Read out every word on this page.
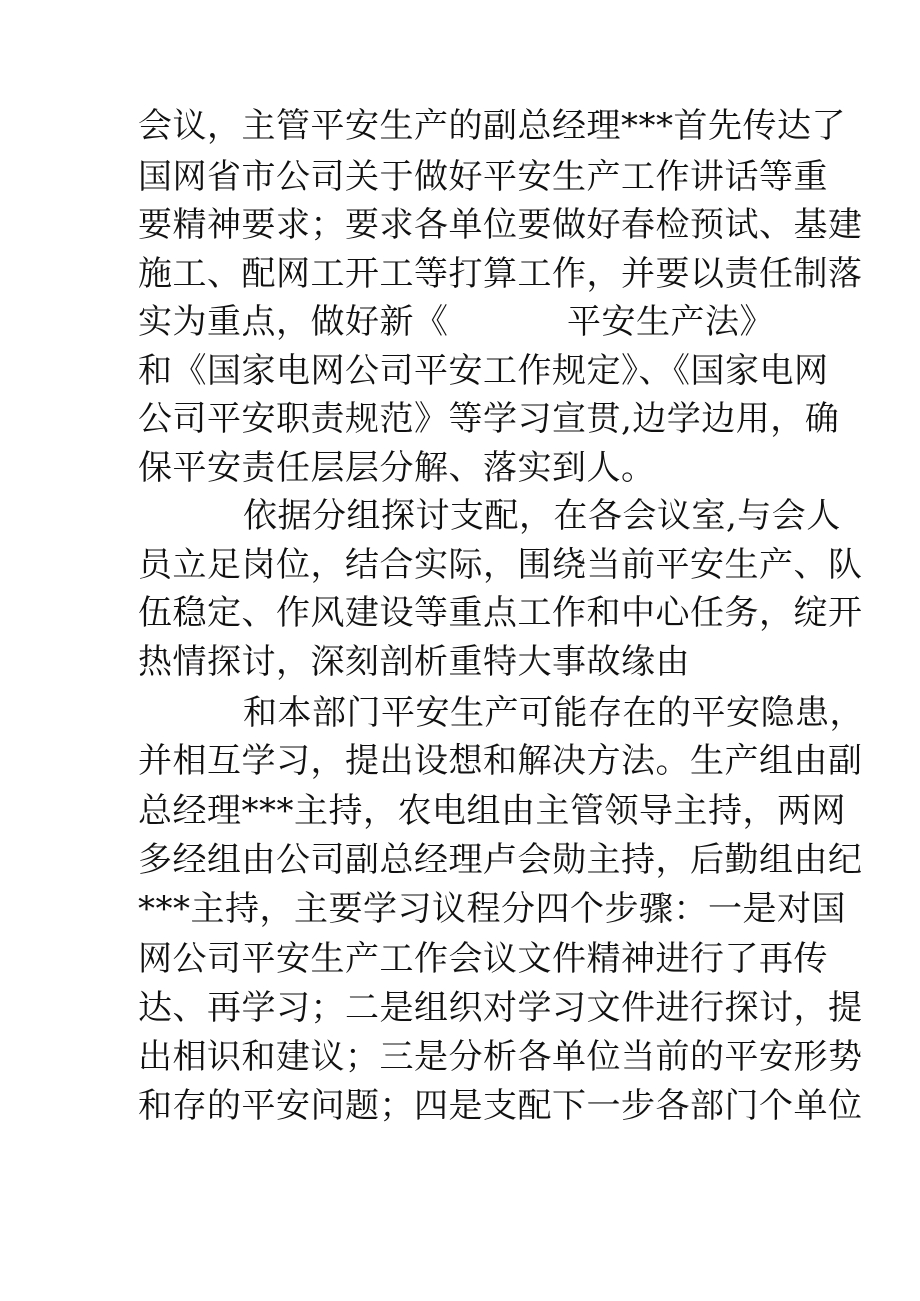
会议，主管平安生产的副总经理***首先传达了
国网省市公司关于做好平安生产工作讲话等重
要精神要求；要求各单位要做好春检预试、基建
施工、配网工开工等打算工作，并要以责任制落
实为重点，做好新《	平安生产法》
和《国家电网公司平安工作规定》、《国家电网
公司平安职责规范》等学习宣贯,边学边用，确
保平安责任层层分解、落实到人。
依据分组探讨支配，在各会议室,与会人
员立足岗位，结合实际，围绕当前平安生产、队
伍稳定、作风建设等重点工作和中心任务，绽开
热情探讨，深刻剖析重特大事故缘由
和本部门平安生产可能存在的平安隐患，
并相互学习，提出设想和解决方法。生产组由副
总经理***主持，农电组由主管领导主持，两网
多经组由公司副总经理卢会勋主持，后勤组由纪
***主持，主要学习议程分四个步骤：一是对国
网公司平安生产工作会议文件精神进行了再传
达、再学习；二是组织对学习文件进行探讨，提
出相识和建议；三是分析各单位当前的平安形势
和存的平安问题；四是支配下一步各部门个单位
